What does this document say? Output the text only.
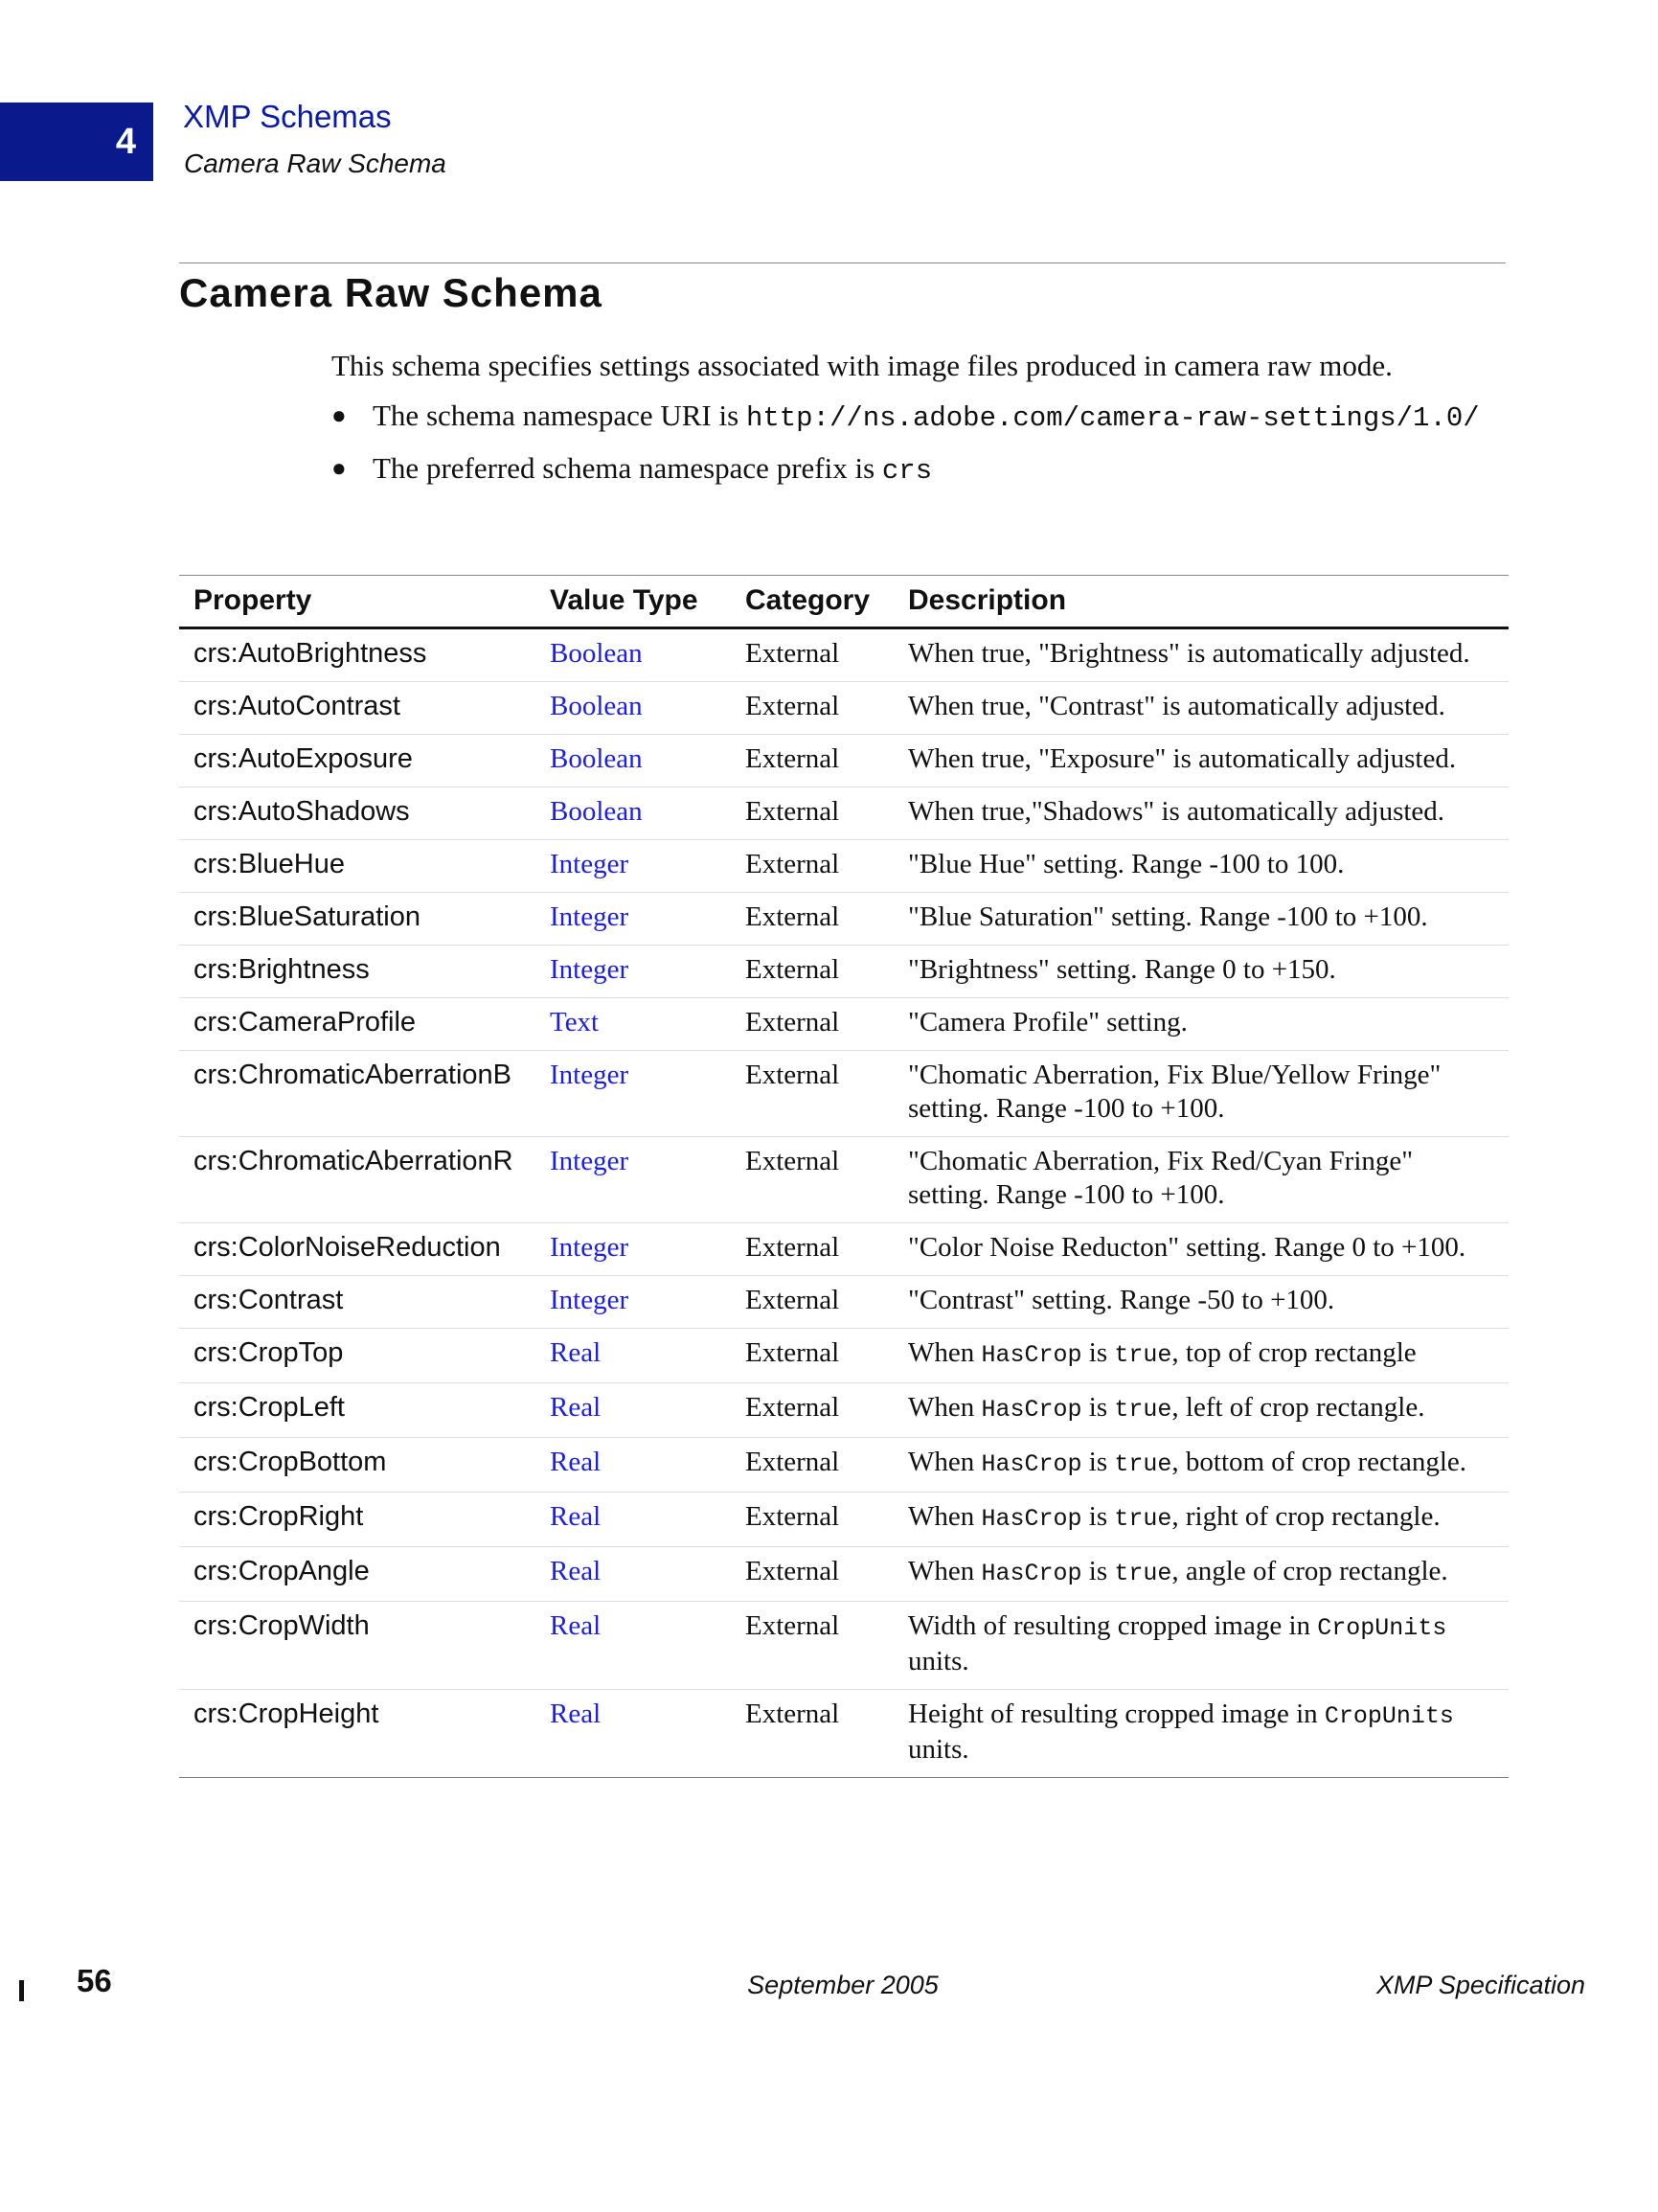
4
XMP Schemas
Camera Raw Schema
Camera Raw Schema

This schema specifies settings associated with image files produced in camera raw mode.

● The schema namespace URI is http://ns.adobe.com/camera-raw-settings/1.0/
● The preferred schema namespace prefix is crs
Property	Value Type	Category	Description
crs:AutoBrightness	Boolean	External	When true, "Brightness" is automatically adjusted.
crs:AutoContrast	Boolean	External	When true, "Contrast" is automatically adjusted.
crs:AutoExposure	Boolean	External	When true, "Exposure" is automatically adjusted.
crs:AutoShadows	Boolean	External	When true,"Shadows" is automatically adjusted.
crs:BlueHue	Integer	External	"Blue Hue" setting. Range -100 to 100.
crs:BlueSaturation	Integer	External	"Blue Saturation" setting. Range -100 to +100.
crs:Brightness	Integer	External	"Brightness" setting. Range 0 to +150.
crs:CameraProfile	Text	External	"Camera Profile" setting.
crs:ChromaticAberrationB	Integer	External	"Chomatic Aberration, Fix Blue/Yellow Fringe" setting. Range -100 to +100.
crs:ChromaticAberrationR	Integer	External	"Chomatic Aberration, Fix Red/Cyan Fringe" setting. Range -100 to +100.
crs:ColorNoiseReduction	Integer	External	"Color Noise Reducton" setting. Range 0 to +100.
crs:Contrast	Integer	External	"Contrast" setting. Range -50 to +100.
crs:CropTop	Real	External	When HasCrop is true, top of crop rectangle
crs:CropLeft	Real	External	When HasCrop is true, left of crop rectangle.
crs:CropBottom	Real	External	When HasCrop is true, bottom of crop rectangle.
crs:CropRight	Real	External	When HasCrop is true, right of crop rectangle.
crs:CropAngle	Real	External	When HasCrop is true, angle of crop rectangle.
crs:CropWidth	Real	External	Width of resulting cropped image in CropUnits units.
crs:CropHeight	Real	External	Height of resulting cropped image in CropUnits units.
56	September 2005	XMP Specification
